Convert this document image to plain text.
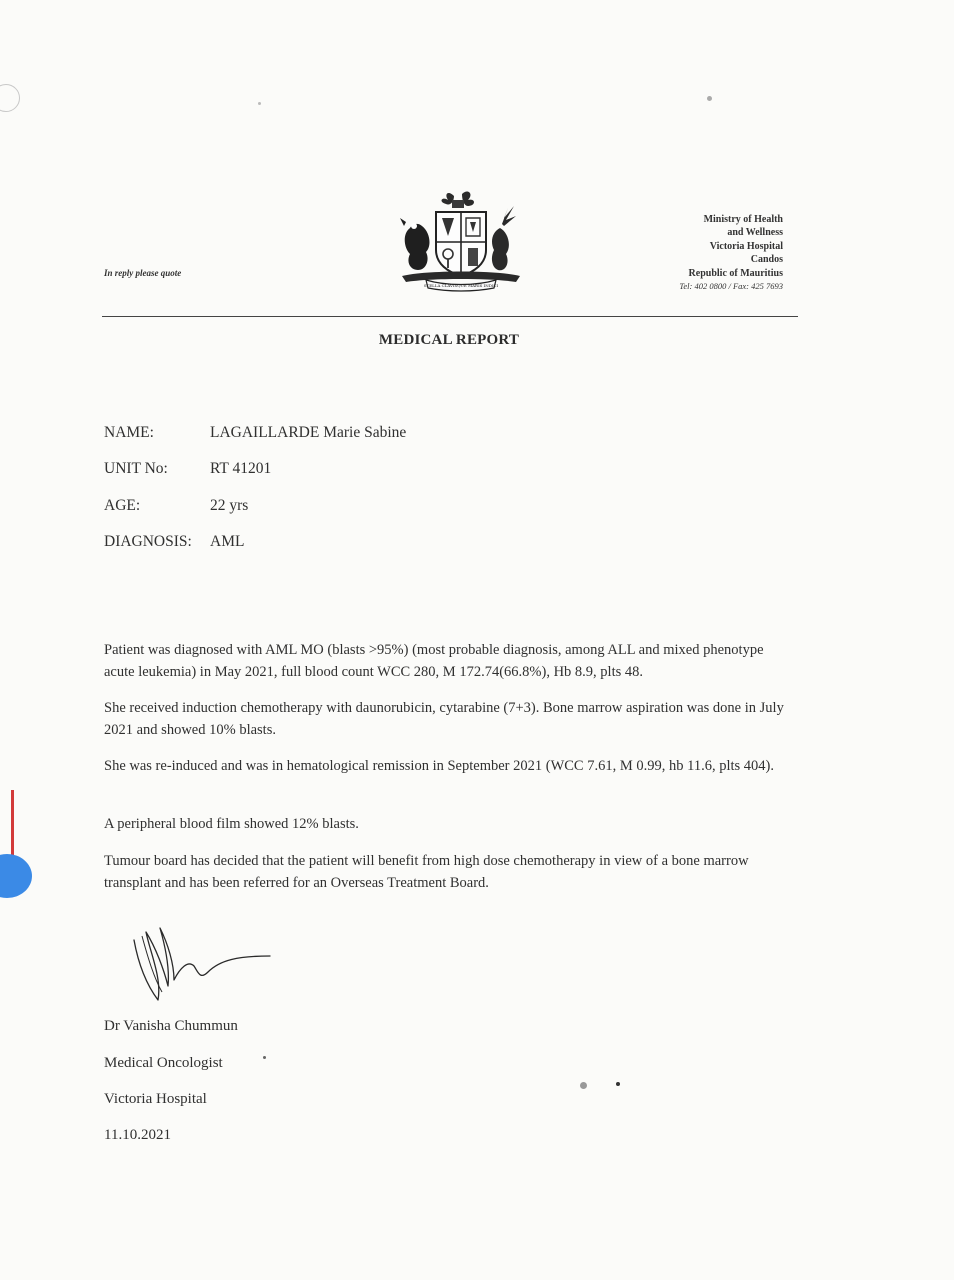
In reply please quote
STELLA CLAVISQUE MARIS INDICI
Ministry of Health
and Wellness
Victoria Hospital
Candos
Republic of Mauritius
Tel: 402 0800 / Fax: 425 7693
MEDICAL REPORT
NAME:	LAGAILLARDE Marie Sabine
UNIT No:	RT 41201
AGE:	22 yrs
DIAGNOSIS: AML
Patient was diagnosed with AML MO (blasts >95%) (most probable diagnosis, among ALL and mixed phenotype acute leukemia) in May 2021, full blood count WCC 280, M 172.74(66.8%), Hb 8.9, plts 48.
She received induction chemotherapy with daunorubicin, cytarabine (7+3). Bone marrow aspiration was done in July 2021 and showed 10% blasts.
She was re-induced and was in hematological remission in September 2021 (WCC 7.61, M 0.99, hb 11.6, plts 404).
A peripheral blood film showed 12% blasts.
Tumour board has decided that the patient will benefit from high dose chemotherapy in view of a bone marrow transplant and has been referred for an Overseas Treatment Board.
Dr Vanisha Chummun
Medical Oncologist
Victoria Hospital
11.10.2021
